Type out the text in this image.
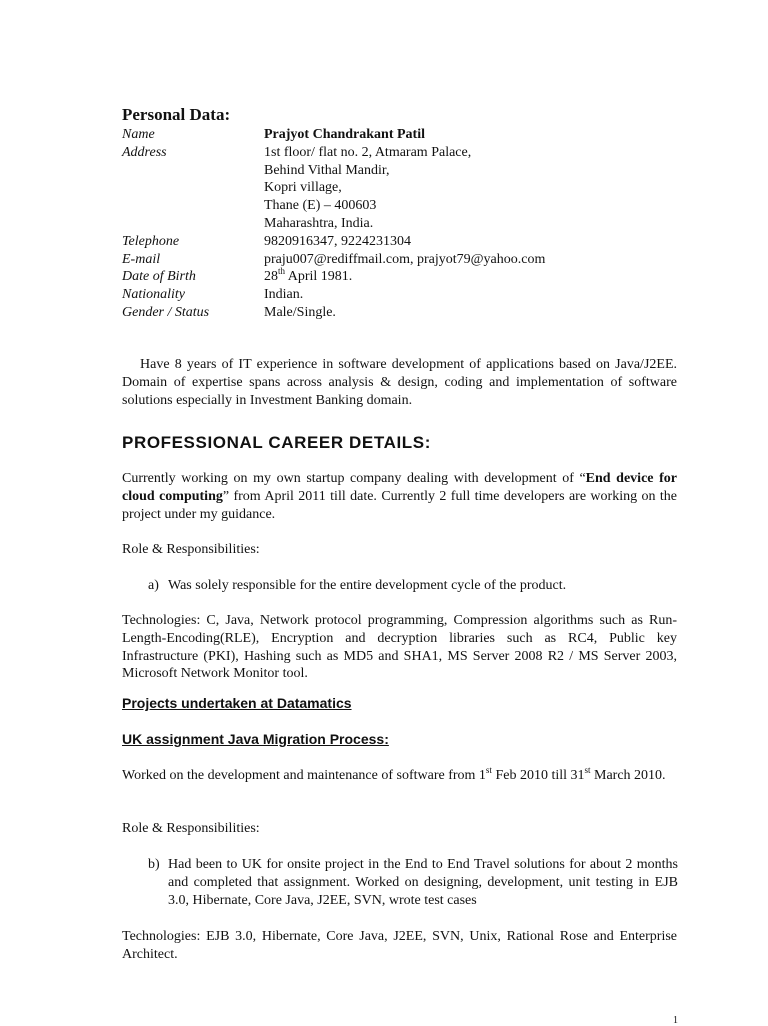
Personal Data:
Name	Prajyot Chandrakant Patil
Address	1st floor/ flat no. 2, Atmaram Palace,
Behind Vithal Mandir,
Kopri village,
Thane (E) – 400603
Maharashtra, India.
Telephone	9820916347, 9224231304
E-mail	praju007@rediffmail.com, prajyot79@yahoo.com
Date of Birth	28th April 1981.
Nationality	Indian.
Gender / Status	Male/Single.
Have 8 years of IT experience in software development of applications based on Java/J2EE. Domain of expertise spans across analysis & design, coding and implementation of software solutions especially in Investment Banking domain.
PROFESSIONAL CAREER DETAILS:
Currently working on my own startup company dealing with development of “End device for cloud computing” from April 2011 till date. Currently 2 full time developers are working on the project under my guidance.
Role & Responsibilities:
a) Was solely responsible for the entire development cycle of the product.
Technologies: C, Java, Network protocol programming, Compression algorithms such as Run-Length-Encoding(RLE), Encryption and decryption libraries such as RC4, Public key Infrastructure (PKI), Hashing such as MD5 and SHA1, MS Server 2008 R2 / MS Server 2003, Microsoft Network Monitor tool.
Projects undertaken at Datamatics
UK assignment Java Migration Process:
Worked on the development and maintenance of software from 1st Feb 2010 till 31st March 2010.
Role & Responsibilities:
b) Had been to UK for onsite project in the End to End Travel solutions for about 2 months and completed that assignment. Worked on designing, development, unit testing in EJB 3.0, Hibernate, Core Java, J2EE, SVN, wrote test cases
Technologies: EJB 3.0, Hibernate, Core Java, J2EE, SVN, Unix, Rational Rose and Enterprise Architect.
1
